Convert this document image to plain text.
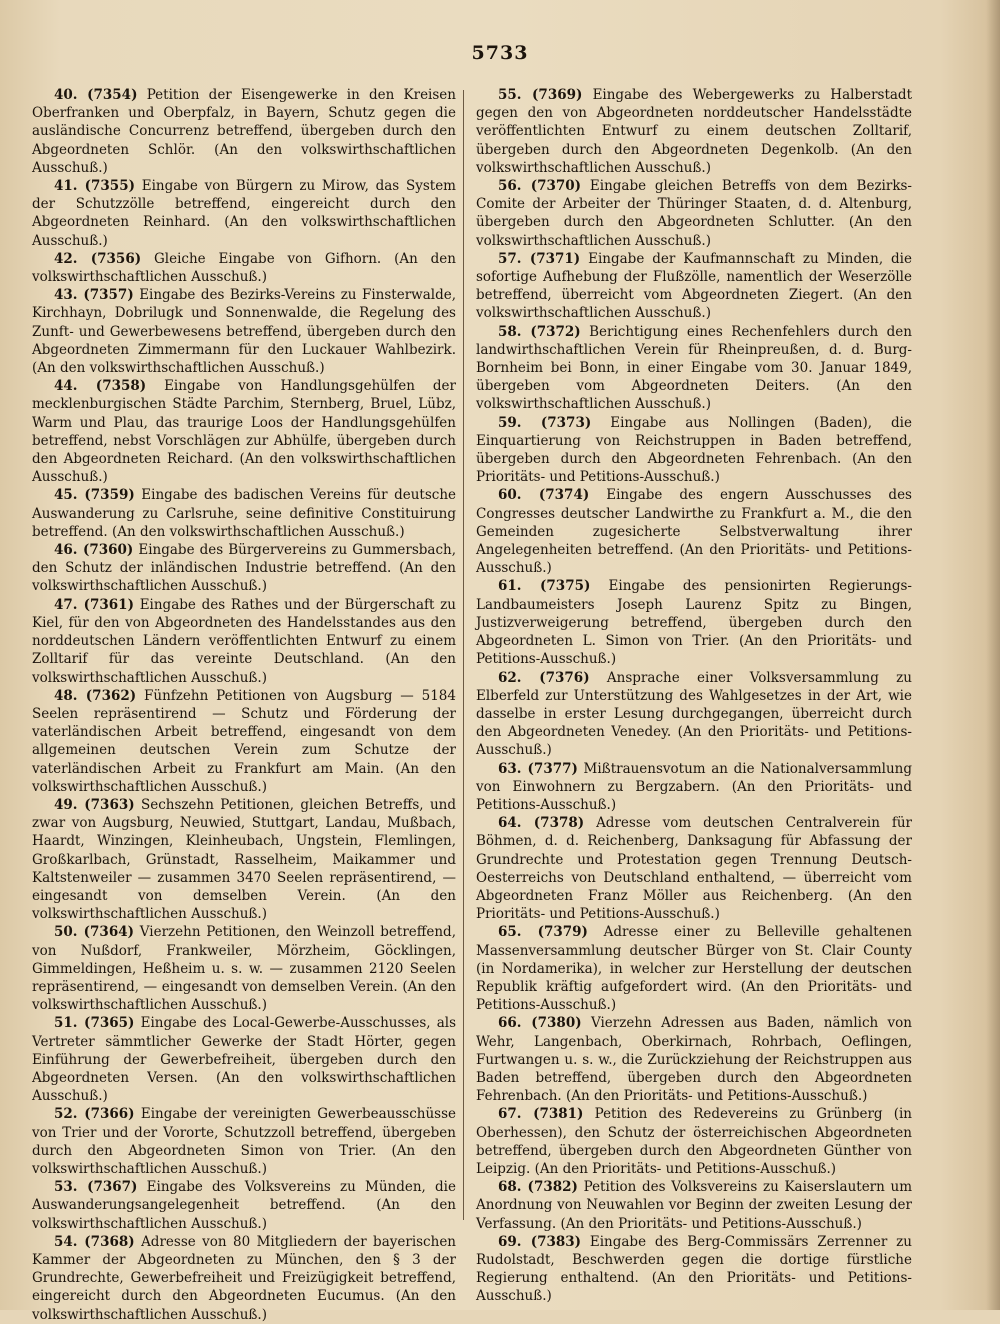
5733

40. (7354) Petition der Eisengewerke in den Kreisen Oberfranken und Oberpfalz, in Bayern, Schutz gegen die ausländische Concurrenz betreffend, übergeben durch den Abgeordneten Schlör. (An den volkswirthschaftlichen Ausschuß.)

41. (7355) Eingabe von Bürgern zu Mirow, das System der Schutzzölle betreffend, eingereicht durch den Abgeordneten Reinhard. (An den volkswirthschaftlichen Ausschuß.)

42. (7356) Gleiche Eingabe von Gifhorn. (An den volkswirthschaftlichen Ausschuß.)

43. (7357) Eingabe des Bezirks-Vereins zu Finsterwalde, Kirchhayn, Dobrilugk und Sonnenwalde, die Regelung des Zunft- und Gewerbewesens betreffend, übergeben durch den Abgeordneten Zimmermann für den Luckauer Wahlbezirk. (An den volkswirthschaftlichen Ausschuß.)

44. (7358) Eingabe von Handlungsgehülfen der mecklenburgischen Städte Parchim, Sternberg, Bruel, Lübz, Warm und Plau, das traurige Loos der Handlungsgehülfen betreffend, nebst Vorschlägen zur Abhülfe, übergeben durch den Abgeordneten Reichard. (An den volkswirthschaftlichen Ausschuß.)

45. (7359) Eingabe des badischen Vereins für deutsche Auswanderung zu Carlsruhe, seine definitive Constituirung betreffend. (An den volkswirthschaftlichen Ausschuß.)

46. (7360) Eingabe des Bürgervereins zu Gummersbach, den Schutz der inländischen Industrie betreffend. (An den volkswirthschaftlichen Ausschuß.)

47. (7361) Eingabe des Rathes und der Bürgerschaft zu Kiel, für den von Abgeordneten des Handelsstandes aus den norddeutschen Ländern veröffentlichten Entwurf zu einem Zolltarif für das vereinte Deutschland. (An den volkswirthschaftlichen Ausschuß.)

48. (7362) Fünfzehn Petitionen von Augsburg — 5184 Seelen repräsentirend — Schutz und Förderung der vaterländischen Arbeit betreffend, eingesandt von dem allgemeinen deutschen Verein zum Schutze der vaterländischen Arbeit zu Frankfurt am Main. (An den volkswirthschaftlichen Ausschuß.)

49. (7363) Sechszehn Petitionen, gleichen Betreffs, und zwar von Augsburg, Neuwied, Stuttgart, Landau, Mußbach, Haardt, Winzingen, Kleinheubach, Ungstein, Flemlingen, Großkarlbach, Grünstadt, Rasselheim, Maikammer und Kaltstenweiler — zusammen 3470 Seelen repräsentirend, — eingesandt von demselben Verein. (An den volkswirthschaftlichen Ausschuß.)

50. (7364) Vierzehn Petitionen, den Weinzoll betreffend, von Nußdorf, Frankweiler, Mörzheim, Göcklingen, Gimmeldingen, Heßheim u. s. w. — zusammen 2120 Seelen repräsentirend, — eingesandt von demselben Verein. (An den volkswirthschaftlichen Ausschuß.)

51. (7365) Eingabe des Local-Gewerbe-Ausschusses, als Vertreter sämmtlicher Gewerke der Stadt Hörter, gegen Einführung der Gewerbefreiheit, übergeben durch den Abgeordneten Versen. (An den volkswirthschaftlichen Ausschuß.)

52. (7366) Eingabe der vereinigten Gewerbeausschüsse von Trier und der Vororte, Schutzzoll betreffend, übergeben durch den Abgeordneten Simon von Trier. (An den volkswirthschaftlichen Ausschuß.)

53. (7367) Eingabe des Volksvereins zu Münden, die Auswanderungsangelegenheit betreffend. (An den volkswirthschaftlichen Ausschuß.)

54. (7368) Adresse von 80 Mitgliedern der bayerischen Kammer der Abgeordneten zu München, den § 3 der Grundrechte, Gewerbefreiheit und Freizügigkeit betreffend, eingereicht durch den Abgeordneten Eucumus. (An den volkswirthschaftlichen Ausschuß.)

55. (7369) Eingabe des Webergewerks zu Halberstadt gegen den von Abgeordneten norddeutscher Handelsstädte veröffentlichten Entwurf zu einem deutschen Zolltarif, übergeben durch den Abgeordneten Degenkolb. (An den volkswirthschaftlichen Ausschuß.)

56. (7370) Eingabe gleichen Betreffs von dem Bezirks-Comite der Arbeiter der Thüringer Staaten, d. d. Altenburg, übergeben durch den Abgeordneten Schlutter. (An den volkswirthschaftlichen Ausschuß.)

57. (7371) Eingabe der Kaufmannschaft zu Minden, die sofortige Aufhebung der Flußzölle, namentlich der Weserzölle betreffend, überreicht vom Abgeordneten Ziegert. (An den volkswirthschaftlichen Ausschuß.)

58. (7372) Berichtigung eines Rechenfehlers durch den landwirthschaftlichen Verein für Rheinpreußen, d. d. Burg-Bornheim bei Bonn, in einer Eingabe vom 30. Januar 1849, übergeben vom Abgeordneten Deiters. (An den volkswirthschaftlichen Ausschuß.)

59. (7373) Eingabe aus Nollingen (Baden), die Einquartierung von Reichstruppen in Baden betreffend, übergeben durch den Abgeordneten Fehrenbach. (An den Prioritäts- und Petitions-Ausschuß.)

60. (7374) Eingabe des engern Ausschusses des Congresses deutscher Landwirthe zu Frankfurt a. M., die den Gemeinden zugesicherte Selbstverwaltung ihrer Angelegenheiten betreffend. (An den Prioritäts- und Petitions-Ausschuß.)

61. (7375) Eingabe des pensionirten Regierungs-Landbaumeisters Joseph Laurenz Spitz zu Bingen, Justizverweigerung betreffend, übergeben durch den Abgeordneten L. Simon von Trier. (An den Prioritäts- und Petitions-Ausschuß.)

62. (7376) Ansprache einer Volksversammlung zu Elberfeld zur Unterstützung des Wahlgesetzes in der Art, wie dasselbe in erster Lesung durchgegangen, überreicht durch den Abgeordneten Venedey. (An den Prioritäts- und Petitions-Ausschuß.)

63. (7377) Mißtrauensvotum an die Nationalversammlung von Einwohnern zu Bergzabern. (An den Prioritäts- und Petitions-Ausschuß.)

64. (7378) Adresse vom deutschen Centralverein für Böhmen, d. d. Reichenberg, Danksagung für Abfassung der Grundrechte und Protestation gegen Trennung Deutsch-Oesterreichs von Deutschland enthaltend, — überreicht vom Abgeordneten Franz Möller aus Reichenberg. (An den Prioritäts- und Petitions-Ausschuß.)

65. (7379) Adresse einer zu Belleville gehaltenen Massenversammlung deutscher Bürger von St. Clair County (in Nordamerika), in welcher zur Herstellung der deutschen Republik kräftig aufgefordert wird. (An den Prioritäts- und Petitions-Ausschuß.)

66. (7380) Vierzehn Adressen aus Baden, nämlich von Wehr, Langenbach, Oberkirnach, Rohrbach, Oeflingen, Furtwangen u. s. w., die Zurückziehung der Reichstruppen aus Baden betreffend, übergeben durch den Abgeordneten Fehrenbach. (An den Prioritäts- und Petitions-Ausschuß.)

67. (7381) Petition des Redevereins zu Grünberg (in Oberhessen), den Schutz der österreichischen Abgeordneten betreffend, übergeben durch den Abgeordneten Günther von Leipzig. (An den Prioritäts- und Petitions-Ausschuß.)

68. (7382) Petition des Volksvereins zu Kaiserslautern um Anordnung von Neuwahlen vor Beginn der zweiten Lesung der Verfassung. (An den Prioritäts- und Petitions-Ausschuß.)

69. (7383) Eingabe des Berg-Commissärs Zerrenner zu Rudolstadt, Beschwerden gegen die dortige fürstliche Regierung enthaltend. (An den Prioritäts- und Petitions-Ausschuß.)
